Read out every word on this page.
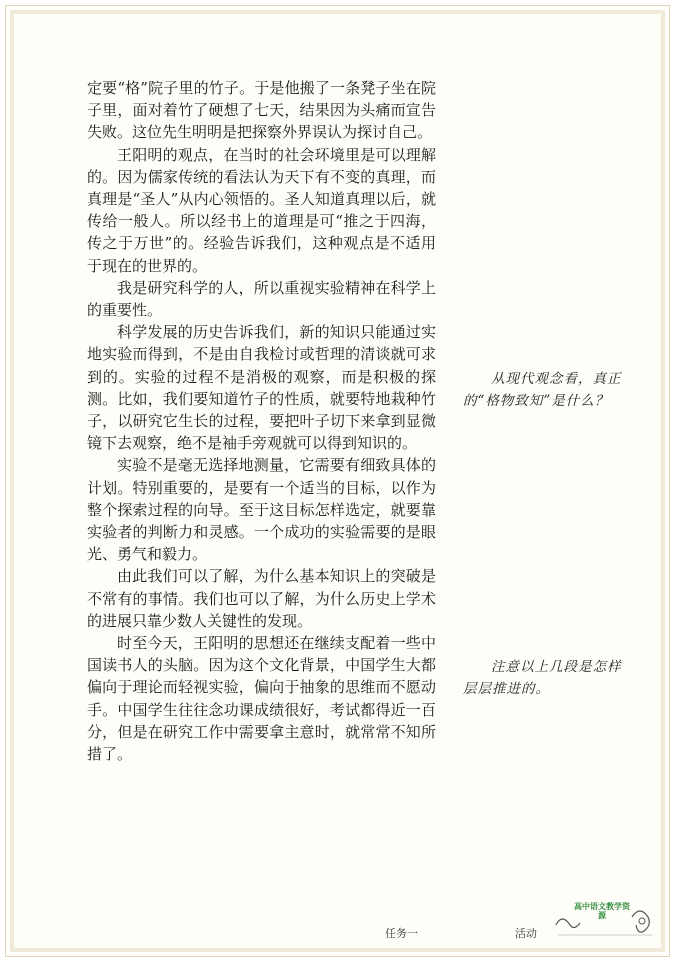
定要“格”院子里的竹子。于是他搬了一条凳子坐在院子里，面对着竹了硬想了七天，结果因为头痛而宣告失败。这位先生明明是把探察外界误认为探讨自己。

王阳明的观点，在当时的社会环境里是可以理解的。因为儒家传统的看法认为天下有不变的真理，而真理是“圣人”从内心领悟的。圣人知道真理以后，就传给一般人。所以经书上的道理是可“推之于四海，传之于万世”的。经验告诉我们，这种观点是不适用于现在的世界的。

我是研究科学的人，所以重视实验精神在科学上的重要性。

科学发展的历史告诉我们，新的知识只能通过实地实验而得到，不是由自我检讨或哲理的清谈就可求到的。实验的过程不是消极的观察，而是积极的探测。比如，我们要知道竹子的性质，就要特地栽种竹子，以研究它生长的过程，要把叶子切下来拿到显微镜下去观察，绝不是袖手旁观就可以得到知识的。

实验不是毫无选择地测量，它需要有细致具体的计划。特别重要的，是要有一个适当的目标，以作为整个探索过程的向导。至于这目标怎样选定，就要靠实验者的判断力和灵感。一个成功的实验需要的是眼光、勇气和毅力。

由此我们可以了解，为什么基本知识上的突破是不常有的事情。我们也可以了解，为什么历史上学术的进展只靠少数人关键性的发现。

时至今天，王阳明的思想还在继续支配着一些中国读书人的头脑。因为这个文化背景，中国学生大都偏向于理论而轻视实验，偏向于抽象的思维而不愿动手。中国学生往往念功课成绩很好，考试都得近一百分，但是在研究工作中需要拿主意时，就常常不知所措了。

从现代观念看，真正的“格物致知”是什么？

注意以上几段是怎样层层推进的。

任务一	活动
高中语文教学资源
